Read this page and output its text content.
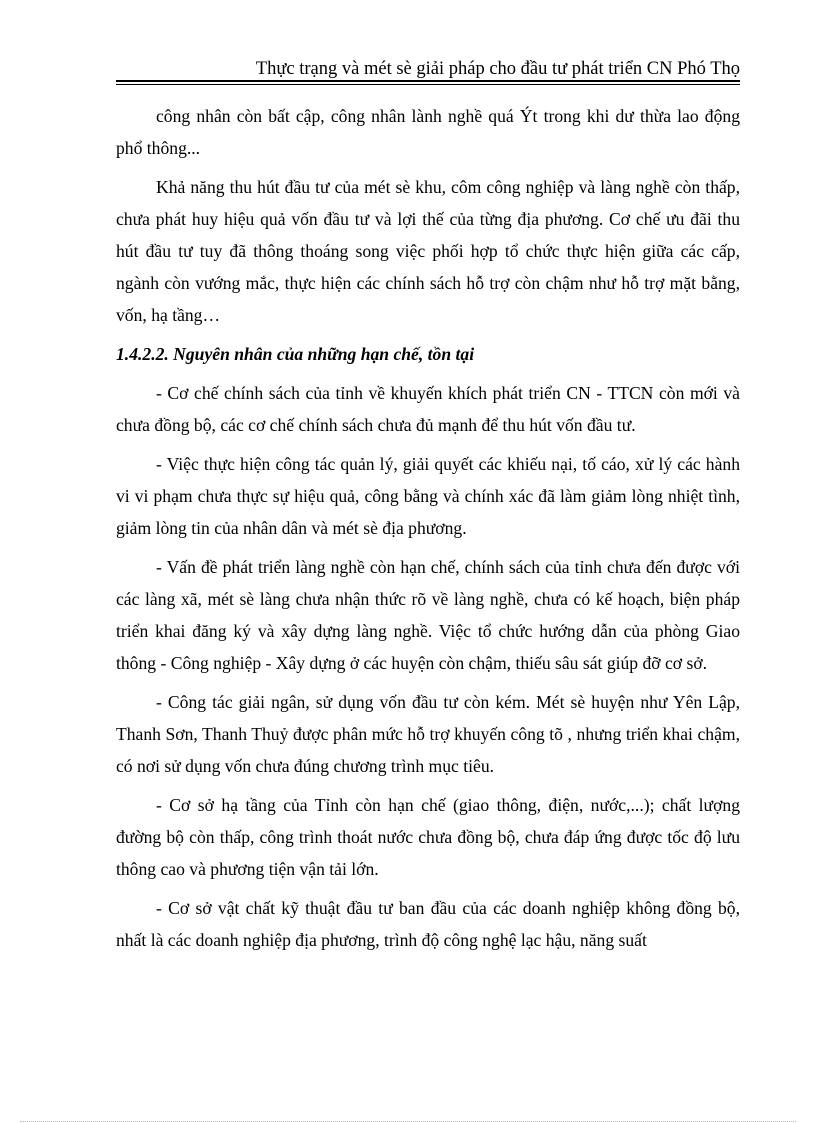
Thực trạng và mét sè giải pháp cho đầu tư phát triển CN Phó Thọ

công nhân còn bất cập, công nhân lành nghề quá Ýt trong khi dư thừa lao động phổ thông...

Khả năng thu hút đầu tư của mét sè khu, côm công nghiệp và làng nghề còn thấp, chưa phát huy hiệu quả vốn đầu tư và lợi thế của từng địa phương. Cơ chế ưu đãi thu hút đầu tư tuy đã thông thoáng song việc phối hợp tổ chức thực hiện giữa các cấp, ngành còn vướng mắc, thực hiện các chính sách hỗ trợ còn chậm như hỗ trợ mặt bằng, vốn, hạ tầng…

1.4.2.2. Nguyên nhân của những hạn chế, tồn tại

- Cơ chế chính sách của tỉnh về khuyến khích phát triển CN - TTCN còn mới và chưa đồng bộ, các cơ chế chính sách chưa đủ mạnh để thu hút vốn đầu tư.

- Việc thực hiện công tác quản lý, giải quyết các khiếu nại, tố cáo, xử lý các hành vi vi phạm chưa thực sự hiệu quả, công bằng và chính xác đã làm giảm lòng nhiệt tình, giảm lòng tin của nhân dân và mét sè địa phương.

- Vấn đề phát triển làng nghề còn hạn chế, chính sách của tỉnh chưa đến được với các làng xã, mét sè làng chưa nhận thức rõ về làng nghề, chưa có kế hoạch, biện pháp triển khai đăng ký và xây dựng làng nghề. Việc tổ chức hướng dẫn của phòng Giao thông - Công nghiệp - Xây dựng ở các huyện còn chậm, thiếu sâu sát giúp đỡ cơ sở.

- Công tác giải ngân, sử dụng vốn đầu tư còn kém. Mét sè huyện như Yên Lập, Thanh Sơn, Thanh Thuỷ được phân mức hỗ trợ khuyến công tõ , nhưng triển khai chậm, có nơi sử dụng vốn chưa đúng chương trình mục tiêu.

- Cơ sở hạ tầng của Tỉnh còn hạn chế (giao thông, điện, nước,...); chất lượng đường bộ còn thấp, công trình thoát nước chưa đồng bộ, chưa đáp ứng được tốc độ lưu thông cao và phương tiện vận tải lớn.

- Cơ sở vật chất kỹ thuật đầu tư ban đầu của các doanh nghiệp không đồng bộ, nhất là các doanh nghiệp địa phương, trình độ công nghệ lạc hậu, năng suất
